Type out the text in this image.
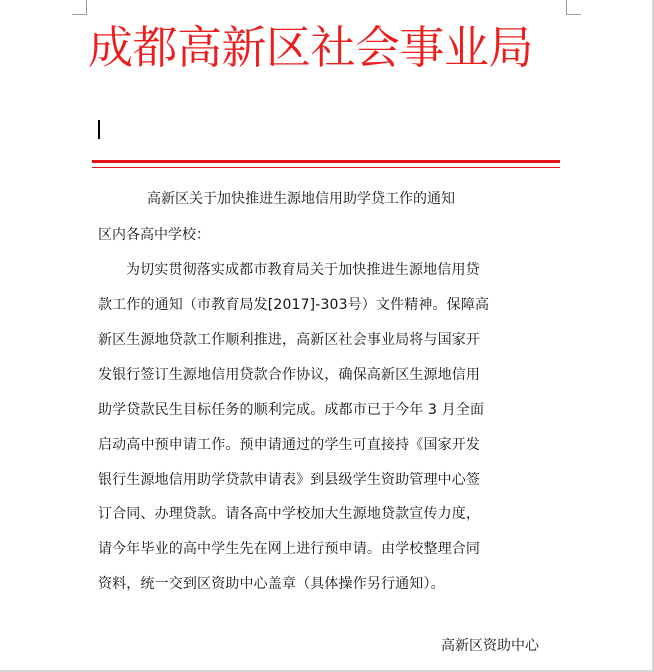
成都高新区社会事业局
高新区关于加快推进生源地信用助学贷工作的通知
区内各高中学校：
为切实贯彻落实成都市教育局关于加快推进生源地信用贷
款工作的通知（市教育局发[2017]-303号）文件精神。保障高
新区生源地贷款工作顺利推进，高新区社会事业局将与国家开
发银行签订生源地信用贷款合作协议，确保高新区生源地信用
助学贷款民生目标任务的顺利完成。成都市已于今年 3 月全面
启动高中预申请工作。预申请通过的学生可直接持《国家开发
银行生源地信用助学贷款申请表》到县级学生资助管理中心签
订合同、办理贷款。请各高中学校加大生源地贷款宣传力度，
请今年毕业的高中学生先在网上进行预申请。由学校整理合同
资料，统一交到区资助中心盖章（具体操作另行通知）。
高新区资助中心
